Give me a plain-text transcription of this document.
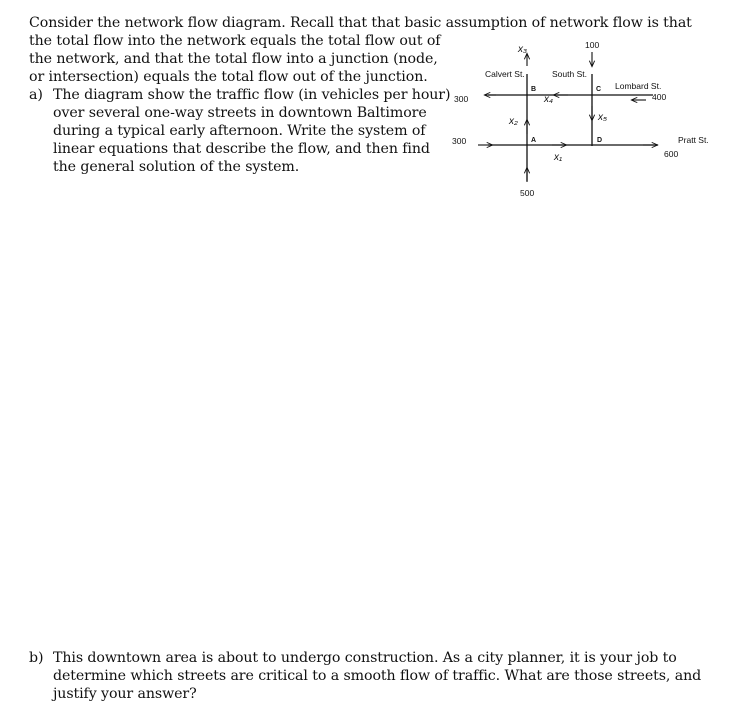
Consider the network flow diagram. Recall that that basic assumption of network flow is that
the total flow into the network equals the total flow out of
the network, and that the total flow into a junction (node,
or intersection) equals the total flow out of the junction.
a) The diagram show the traffic flow (in vehicles per hour)
over several one-way streets in downtown Baltimore
during a typical early afternoon. Write the system of
linear equations that describe the flow, and then find
the general solution of the system.
Calvert St.	South St.
Lombard St.
Pratt St.
100
300	400
300
600
500
x₃
x₄
x₅
x₂
x₁
B	C
A	D
b) This downtown area is about to undergo construction. As a city planner, it is your job to
determine which streets are critical to a smooth flow of traffic. What are those streets, and
justify your answer?
